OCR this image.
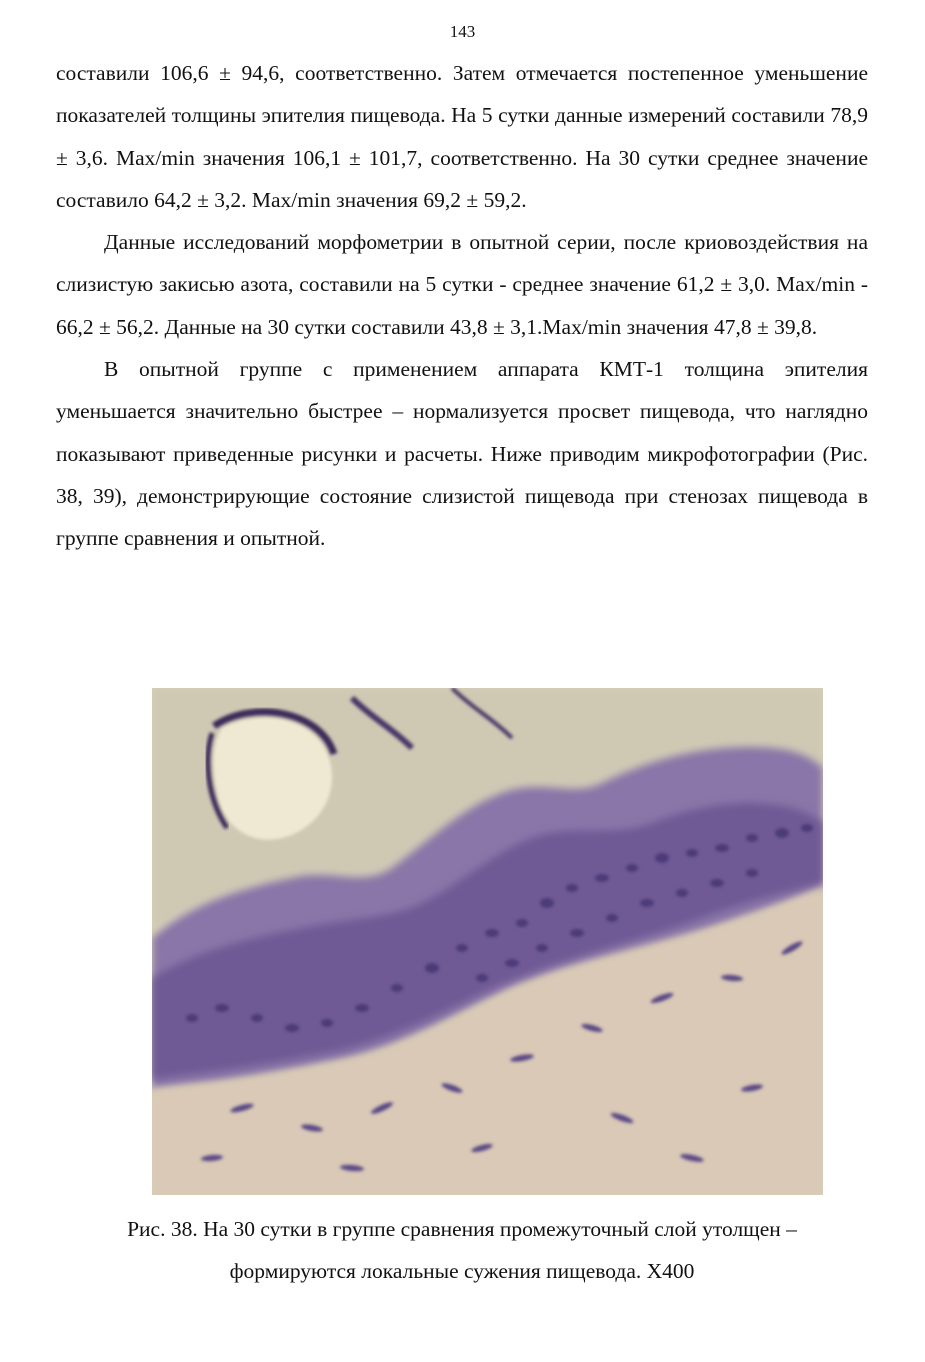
143

составили 106,6 ± 94,6, соответственно. Затем отмечается постепенное уменьшение показателей толщины эпителия пищевода. На 5 сутки данные измерений составили 78,9 ± 3,6. Max/min значения 106,1 ± 101,7, соответственно. На 30 сутки среднее значение составило 64,2 ± 3,2. Max/min значения 69,2 ± 59,2.

Данные исследований морфометрии в опытной серии, после криовоздействия на слизистую закисью азота, составили на 5 сутки - среднее значение 61,2 ± 3,0. Max/min - 66,2 ± 56,2. Данные на 30 сутки составили 43,8 ± 3,1.Max/min значения 47,8 ± 39,8.

В опытной группе с применением аппарата КМТ-1 толщина эпителия уменьшается значительно быстрее – нормализуется просвет пищевода, что наглядно показывают приведенные рисунки и расчеты. Ниже приводим микрофотографии (Рис. 38, 39), демонстрирующие состояние слизистой пищевода при стенозах пищевода в группе сравнения и опытной.

Рис. 38. На 30 сутки в группе сравнения промежуточный слой утолщен –
формируются локальные сужения пищевода. X400
